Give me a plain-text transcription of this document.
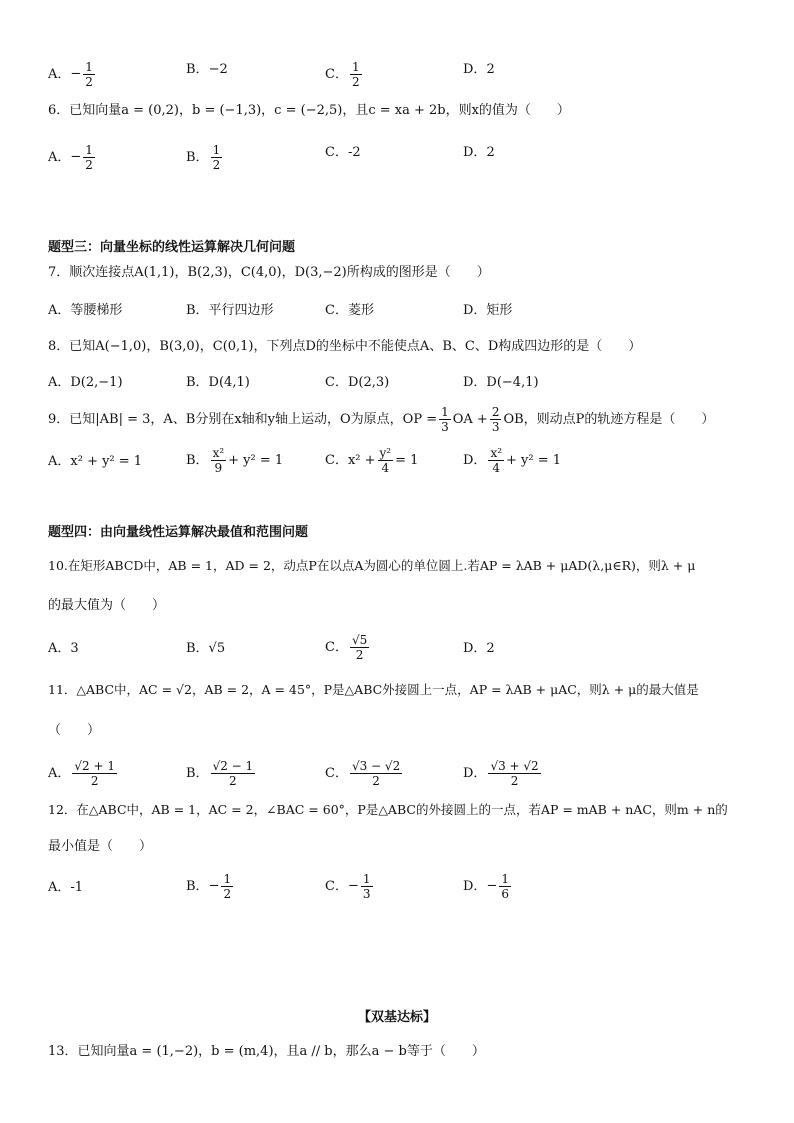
A．− $\frac{1}{2}$	B．−2	C． $\frac{1}{2}$	D．2
6．已知向量a = (0,2)，b = (−1,3)，c = (−2,5)，且c = xa + 2b，则x的值为（　　）
A．− $\frac{1}{2}$	B． $\frac{1}{2}$	C．-2	D．2
题型三：向量坐标的线性运算解决几何问题
7．顺次连接点A(1,1)，B(2,3)，C(4,0)，D(3,−2)所构成的图形是（　　）
A．等腰梯形	B．平行四边形	C．菱形	D．矩形
8．已知A(−1,0)，B(3,0)，C(0,1)，下列点D的坐标中不能使点A、B、C、D构成四边形的是（　　）
A．D(2,−1)	B．D(4,1)	C．D(2,3)	D．D(−4,1)
9．已知|AB| = 3，A、B分别在x轴和y轴上运动，O为原点，OP = $\frac{1}{3}$ OA + $\frac{2}{3}$ OB，则动点P的轨迹方程是（　　）
A．x² + y² = 1	B． $\frac{\text{x²}}{9} + y^2 = 1$	C．$x^2 + \frac{\text{y²}}{4} = 1$	D． $\frac{\text{x²}}{4} + y^2 = 1$
题型四：由向量线性运算解决最值和范围问题
10.在矩形ABCD中，AB = 1，AD = 2，动点P在以点A为圆心的单位圆上.若AP = λAB + μAD(λ,μ∈R)，则λ + μ
的最大值为（　　）
A．3	B．√5	C． $\frac{√5}{2}$	D．2
11．△ABC中，AC = √2，AB = 2，A = 45°，P是△ABC外接圆上一点，AP = λAB + μAC，则λ + μ的最大值是
（　　）
A． $\frac{√2 + 1}{2}$	B． $\frac{√2 - 1}{2}$	C． $\frac{√3 - √2}{2}$	D． $\frac{√3 + √2}{2}$
12．在△ABC中，AB = 1，AC = 2，∠BAC = 60°，P是△ABC的外接圆上的一点，若AP = mAB + nAC，则m + n的
最小值是（　　）
A．-1	B．− $\frac{1}{2}$	C．− $\frac{1}{3}$	D．− $\frac{1}{6}$
【双基达标】
13．已知向量a = (1,−2)，b = (m,4)，且a // b，那么a − b等于（　　）
